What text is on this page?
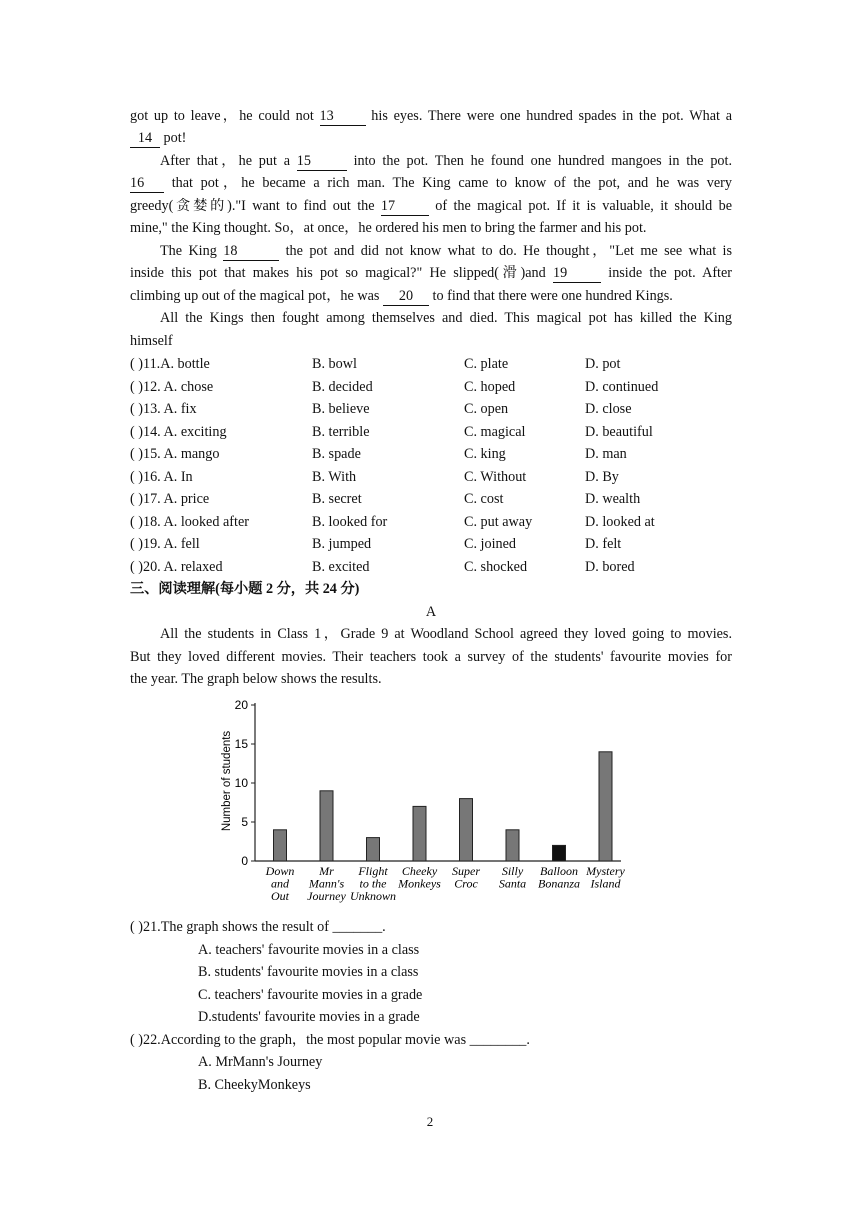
got up to leave，he could not 13	his eyes. There were one hundred spades in the pot. What a
14 pot!
After that，he put a 15	into the pot. Then he found one hundred mangoes in the pot.
16 that pot，he became a rich man. The King came to know of the pot, and he was very
greedy(贪婪的)."I want to find out the 17	of the magical pot. If it is valuable, it should be
mine," the King thought. So，at once，he ordered his men to bring the farmer and his pot.
The King 18	the pot and did not know what to do. He thought，"Let me see what is
inside this pot that makes his pot so magical?" He slipped(滑)and 19	inside the pot. After
climbing up out of the magical pot，he was 20 to find that there were one hundred Kings.
All the Kings then fought among themselves and died. This magical pot has killed the King
himself
( )11.A. bottle	B. bowl	C. plate	D. pot
( )12. A. chose	B. decided	C. hoped	D. continued
( )13. A. fix	B. believe	C. open	D. close
( )14. A. exciting	B. terrible	C. magical	D. beautiful
( )15. A. mango	B. spade	C. king	D. man
( )16. A. In	B. With	C. Without	D. By
( )17. A. price	B. secret	C. cost	D. wealth
( )18. A. looked after	B. looked for	C. put away	D. looked at
( )19. A. fell	B. jumped	C. joined	D. felt
( )20. A. relaxed	B. excited	C. shocked	D. bored
三、阅读理解(每小题 2 分，共 24 分)
A
All the students in Class 1，Grade 9 at Woodland School agreed they loved going to movies.
But they loved different movies. Their teachers took a survey of the students' favourite movies for
the year. The graph below shows the results.
0
5
10
15
20
Number of students
Down
and
Out
Mr
Mann's
Journey
Flight
to the
Unknown
Cheeky
Monkeys
Super
Croc
Silly
Santa
Balloon
Bonanza
Mystery
Island
( )21.The graph shows the result of _______.
A. teachers' favourite movies in a class
B. students' favourite movies in a class
C. teachers' favourite movies in a grade
D.students' favourite movies in a grade
( )22.According to the graph，the most popular movie was ________.
A. MrMann's Journey
B. CheekyMonkeys
2
